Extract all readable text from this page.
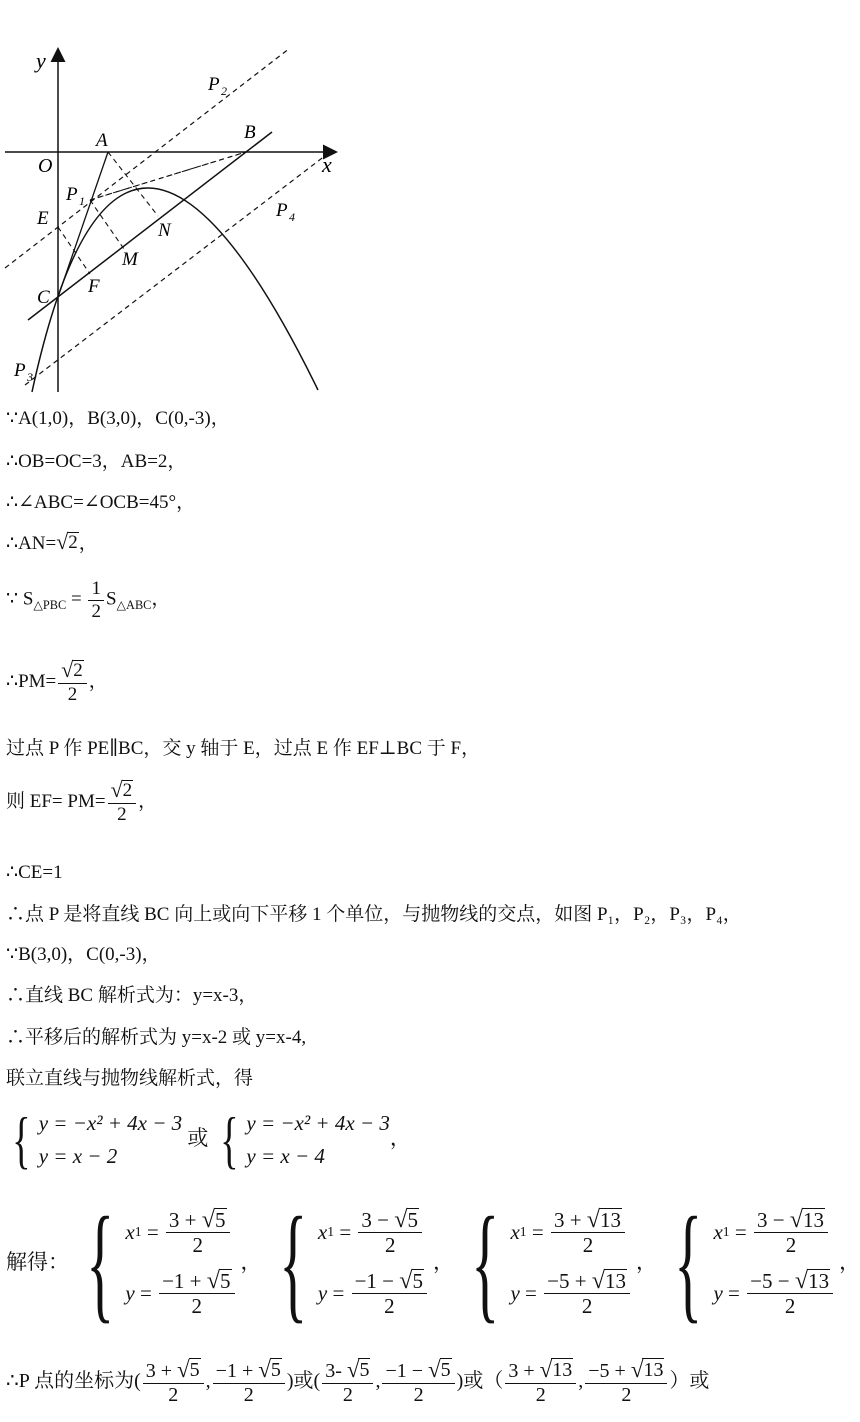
y
x
O
A	B
C
E
F
M
N
P 1
P 2
P 3
P 4
∵A(1,0)，B(3,0)，C(0,-3)，
∴OB=OC=3，AB=2，
∴∠ABC=∠OCB=45°，
∴AN= √ 2 ，
∵ $S_{\triangle PBC} = \frac{1}{2} S_{\triangle ABC}$，
∴PM= $\frac{√ 2}{2}$ ，
过点 P 作 PE∥BC，交 y 轴于 E，过点 E 作 EF⊥BC 于 F，
则 $EF= PM= \frac{√ 2}{2}$ ，
∴CE=1
∴点 P 是将直线 BC 向上或向下平移 1 个单位，与抛物线的交点，如图 P₁，P₂，P₃，P₄，
∵B(3,0)，C(0,-3)，
∴直线 BC 解析式为：y=x-3，
∴平移后的解析式为 y=x-2 或 y=x-4,
联立直线与抛物线解析式，得
{ y = −x² + 4x − 3
y = x − 2
或 { y = −x² + 4x − 3
y = x − 4
，
解得： { x $1 = \frac{3 + √ 5}{2}$
$y = \frac{-1 + √ 5}{2}$
， { x $1 = \frac{3 - √ 5}{2}$
$y = \frac{-1 - √ 5}{2}$
， { x $1 = \frac{3 + √ 13}{2}$
$y = \frac{-5 + √ 13}{2}$
， { x $1 = \frac{3 - √ 13}{2}$
$y = \frac{-5 - √ 13}{2}$
，
∴P 点的坐标为( $\frac{3 + √ 5}{2}$ , $\frac{-1 + √ 5}{2}$ )或( $\frac{3- √ 5}{2}$ , $\frac{-1 - √ 5}{2}$ )或（ $\frac{3 + √ 13}{2}$ , $\frac{-5 + √ 13}{2}$ ）或
